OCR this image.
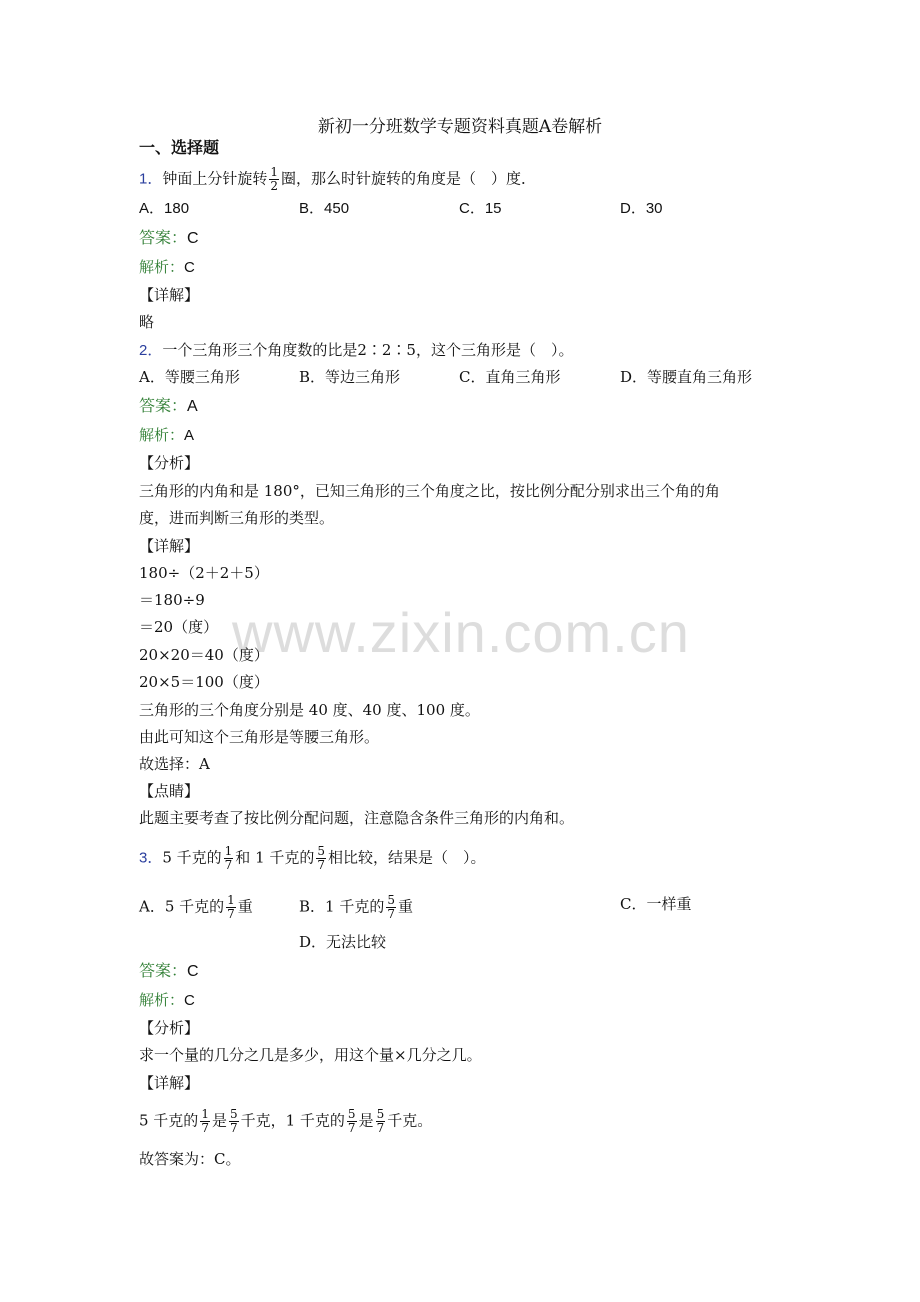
www.zixin.com.cn
新初一分班数学专题资料真题A卷解析
一、选择题
1．钟面上分针旋转 $\frac{1}{2}$ 圈，那么时针旋转的角度是（　）度．
A．180	B．450	C．15	D．30
答案：C
解析：C
【详解】
略
2．一个三角形三个角度数的比是2∶2∶5，这个三角形是（　）。
A．等腰三角形	B．等边三角形	C．直角三角形	D．等腰直角三角形
答案：A
解析：A
【分析】
三角形的内角和是 180°，已知三角形的三个角度之比，按比例分配分别求出三个角的角
度，进而判断三角形的类型。
【详解】
180÷（2＋2＋5）
＝180÷9
＝20（度）
20×20＝40（度）
20×5＝100（度）
三角形的三个角度分别是 40 度、40 度、100 度。
由此可知这个三角形是等腰三角形。
故选择：A
【点睛】
此题主要考查了按比例分配问题，注意隐含条件三角形的内角和。
3．5 千克的 $\frac{1}{7}$ 和 1 千克的 $\frac{5}{7}$ 相比较，结果是（　）。
A．5 千克的 $\frac{1}{7}$ 重	B．1 千克的 $\frac{5}{7}$ 重	C．一样重
D．无法比较
答案：C
解析：C
【分析】
求一个量的几分之几是多少，用这个量×几分之几。
【详解】
5 千克的 $\frac{1}{7}$ 是 $\frac{5}{7}$ 千克，1 千克的 $\frac{5}{7}$ 是 $\frac{5}{7}$ 千克。
故答案为：C。
